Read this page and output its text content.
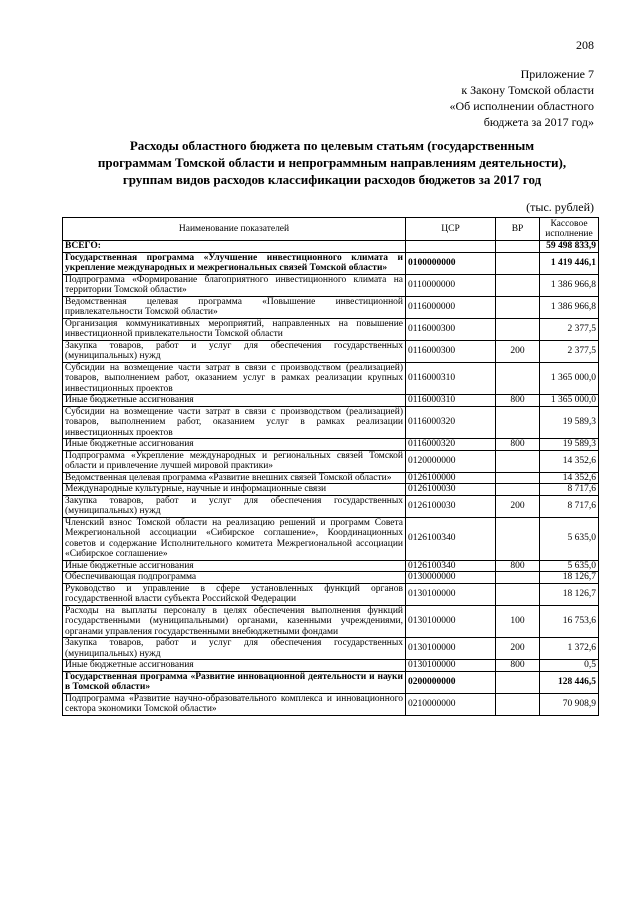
208
Приложение 7
к Закону Томской области
«Об исполнении областного
бюджета за 2017 год»
Расходы областного бюджета по целевым статьям (государственным
программам Томской области и непрограммным направлениям деятельности),
группам видов расходов классификации расходов бюджетов за 2017 год
(тыс. рублей)
Наименование показателей	ЦСР	ВР	Кассовое исполнение
ВСЕГО:			59 498 833,9
Государственная программа «Улучшение инвестиционного климата и укрепление международных и межрегиональных связей Томской области»	0100000000		1 419 446,1
Подпрограмма «Формирование благоприятного инвестиционного климата на территории Томской области»	0110000000		1 386 966,8
Ведомственная целевая программа «Повышение инвестиционной привлекательности Томской области»	0116000000		1 386 966,8
Организация коммуникативных мероприятий, направленных на повышение инвестиционной привлекательности Томской области	0116000300		2 377,5
Закупка товаров, работ и услуг для обеспечения государственных (муниципальных) нужд	0116000300	200	2 377,5
Субсидии на возмещение части затрат в связи с производством (реализацией) товаров, выполнением работ, оказанием услуг в рамках реализации крупных инвестиционных проектов	0116000310		1 365 000,0
Иные бюджетные ассигнования	0116000310	800	1 365 000,0
Субсидии на возмещение части затрат в связи с производством (реализацией) товаров, выполнением работ, оказанием услуг в рамках реализации инвестиционных проектов	0116000320		19 589,3
Иные бюджетные ассигнования	0116000320	800	19 589,3
Подпрограмма «Укрепление международных и региональных связей Томской области и привлечение лучшей мировой практики»	0120000000		14 352,6
Ведомственная целевая программа «Развитие внешних связей Томской области»	0126100000		14 352,6
Международные культурные, научные и информационные связи	0126100030		8 717,6
Закупка товаров, работ и услуг для обеспечения государственных (муниципальных) нужд	0126100030	200	8 717,6
Членский взнос Томской области на реализацию решений и программ Совета Межрегиональной ассоциации «Сибирское соглашение», Координационных советов и содержание Исполнительного комитета Межрегиональной ассоциации «Сибирское соглашение»	0126100340		5 635,0
Иные бюджетные ассигнования	0126100340	800	5 635,0
Обеспечивающая подпрограмма	0130000000		18 126,7
Руководство и управление в сфере установленных функций органов государственной власти субъекта Российской Федерации	0130100000		18 126,7
Расходы на выплаты персоналу в целях обеспечения выполнения функций государственными (муниципальными) органами, казенными учреждениями, органами управления государственными внебюджетными фондами	0130100000	100	16 753,6
Закупка товаров, работ и услуг для обеспечения государственных (муниципальных) нужд	0130100000	200	1 372,6
Иные бюджетные ассигнования	0130100000	800	0,5
Государственная программа «Развитие инновационной деятельности и науки в Томской области»	0200000000		128 446,5
Подпрограмма «Развитие научно-образовательного комплекса и инновационного сектора экономики Томской области»	0210000000		70 908,9
